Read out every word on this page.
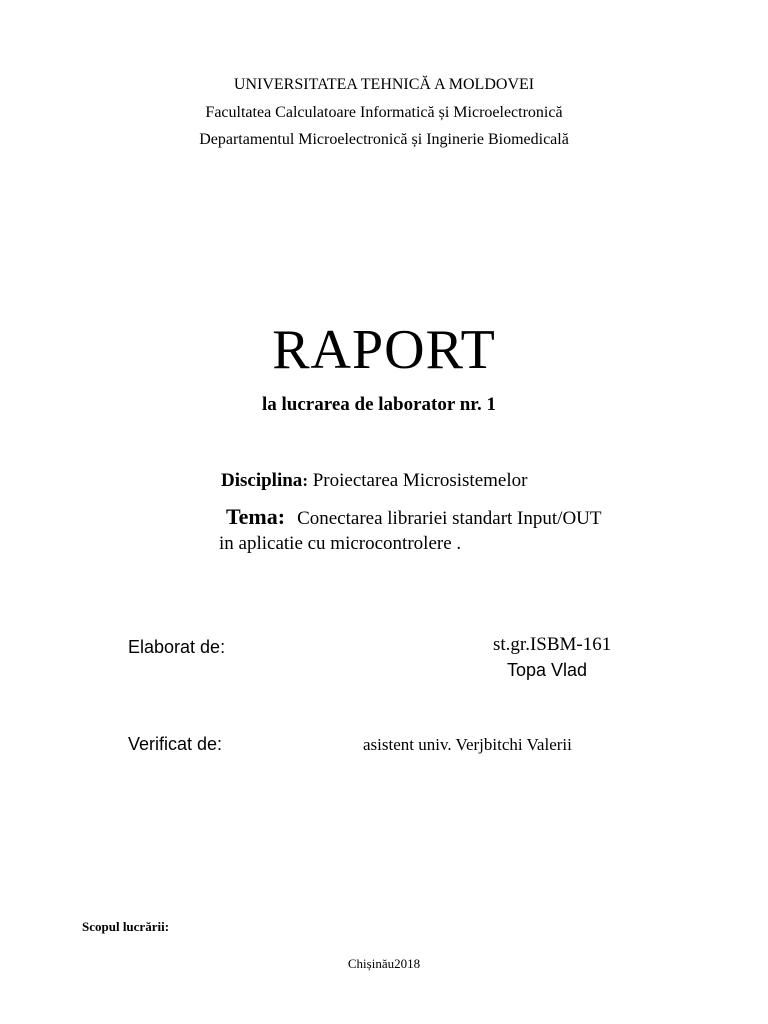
UNIVERSITATEA TEHNICĂ A MOLDOVEI
Facultatea Calculatoare Informatică și Microelectronică
Departamentul Microelectronică și Inginerie Biomedicală
RAPORT
la lucrarea de laborator nr. 1
Disciplina: Proiectarea Microsistemelor
Tema: Conectarea librariei standart Input/OUT
in aplicatie cu microcontrolere .
Elaborat de:	st.gr.ISBM-161
Topa Vlad
Verificat de:	asistent univ. Verjbitchi Valerii
Scopul lucrării:
Chișinău2018
